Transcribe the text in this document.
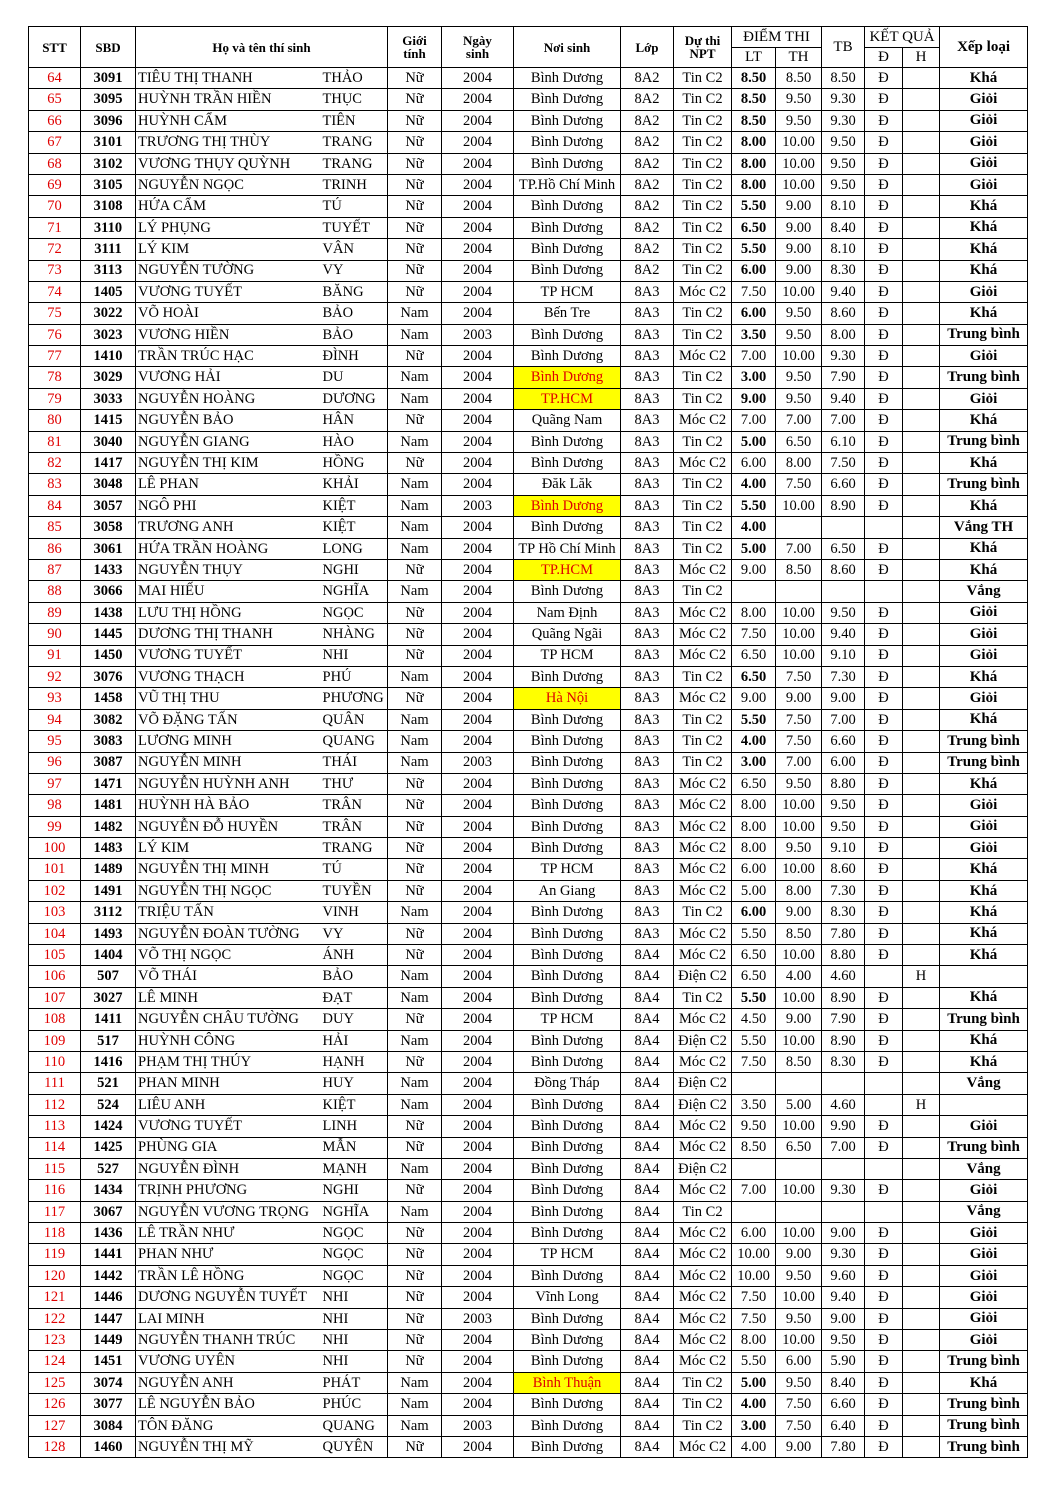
STT	SBD	Họ và tên thí sinh		Giới
tính	Ngày
sinh	Nơi sinh	Lớp	Dự thi
NPT	ĐIỂM THI		TB	KẾT QUẢ		Xếp loại
									LT	TH		Đ	H	
64	3091	TIÊU THỊ THANH	THẢO	Nữ	2004	Bình Dương	8A2	Tin C2	8.50	8.50	8.50	Đ		Khá
65	3095	HUỲNH TRẦN HIỀN	THỤC	Nữ	2004	Bình Dương	8A2	Tin C2	8.50	9.50	9.30	Đ		Giỏi
66	3096	HUỲNH CẨM	TIÊN	Nữ	2004	Bình Dương	8A2	Tin C2	8.50	9.50	9.30	Đ		Giỏi
67	3101	TRƯƠNG THỊ THÙY	TRANG	Nữ	2004	Bình Dương	8A2	Tin C2	8.00	10.00	9.50	Đ		Giỏi
68	3102	VƯƠNG THỤY QUỲNH	TRANG	Nữ	2004	Bình Dương	8A2	Tin C2	8.00	10.00	9.50	Đ		Giỏi
69	3105	NGUYỄN NGỌC	TRINH	Nữ	2004	TP.Hồ Chí Minh	8A2	Tin C2	8.00	10.00	9.50	Đ		Giỏi
70	3108	HỨA CẨM	TÚ	Nữ	2004	Bình Dương	8A2	Tin C2	5.50	9.00	8.10	Đ		Khá
71	3110	LÝ PHỤNG	TUYẾT	Nữ	2004	Bình Dương	8A2	Tin C2	6.50	9.00	8.40	Đ		Khá
72	3111	LÝ KIM	VÂN	Nữ	2004	Bình Dương	8A2	Tin C2	5.50	9.00	8.10	Đ		Khá
73	3113	NGUYỄN TƯỜNG	VY	Nữ	2004	Bình Dương	8A2	Tin C2	6.00	9.00	8.30	Đ		Khá
74	1405	VƯƠNG TUYẾT	BĂNG	Nữ	2004	TP HCM	8A3	Móc C2	7.50	10.00	9.40	Đ		Giỏi
75	3022	VÕ HOÀI	BẢO	Nam	2004	Bến Tre	8A3	Tin C2	6.00	9.50	8.60	Đ		Khá
76	3023	VƯƠNG HIỀN	BẢO	Nam	2003	Bình Dương	8A3	Tin C2	3.50	9.50	8.00	Đ		Trung bình
77	1410	TRẦN TRÚC HẠC	ĐÌNH	Nữ	2004	Bình Dương	8A3	Móc C2	7.00	10.00	9.30	Đ		Giỏi
78	3029	VƯƠNG HẢI	DU	Nam	2004	Bình Dương	8A3	Tin C2	3.00	9.50	7.90	Đ		Trung bình
79	3033	NGUYỄN HOÀNG	DƯƠNG	Nam	2004	TP.HCM	8A3	Tin C2	9.00	9.50	9.40	Đ		Giỏi
80	1415	NGUYỄN BẢO	HÂN	Nữ	2004	Quãng Nam	8A3	Móc C2	7.00	7.00	7.00	Đ		Khá
81	3040	NGUYỄN GIANG	HÀO	Nam	2004	Bình Dương	8A3	Tin C2	5.00	6.50	6.10	Đ		Trung bình
82	1417	NGUYỄN THỊ KIM	HỒNG	Nữ	2004	Bình Dương	8A3	Móc C2	6.00	8.00	7.50	Đ		Khá
83	3048	LÊ PHAN	KHẢI	Nam	2004	Đăk Lăk	8A3	Tin C2	4.00	7.50	6.60	Đ		Trung bình
84	3057	NGÔ PHI	KIỆT	Nam	2003	Bình Dương	8A3	Tin C2	5.50	10.00	8.90	Đ		Khá
85	3058	TRƯƠNG ANH	KIỆT	Nam	2004	Bình Dương	8A3	Tin C2	4.00					Vắng TH
86	3061	HỨA TRẦN HOÀNG	LONG	Nam	2004	TP Hồ Chí Minh	8A3	Tin C2	5.00	7.00	6.50	Đ		Khá
87	1433	NGUYỄN THỤY	NGHI	Nữ	2004	TP.HCM	8A3	Móc C2	9.00	8.50	8.60	Đ		Khá
88	3066	MAI HIẾU	NGHĨA	Nam	2004	Bình Dương	8A3	Tin C2						Vắng
89	1438	LƯU THỊ HỒNG	NGỌC	Nữ	2004	Nam Định	8A3	Móc C2	8.00	10.00	9.50	Đ		Giỏi
90	1445	DƯƠNG THỊ THANH	NHÀNG	Nữ	2004	Quãng Ngãi	8A3	Móc C2	7.50	10.00	9.40	Đ		Giỏi
91	1450	VƯƠNG TUYẾT	NHI	Nữ	2004	TP HCM	8A3	Móc C2	6.50	10.00	9.10	Đ		Giỏi
92	3076	VƯƠNG THẠCH	PHÚ	Nam	2004	Bình Dương	8A3	Tin C2	6.50	7.50	7.30	Đ		Khá
93	1458	VŨ THỊ THU	PHƯƠNG	Nữ	2004	Hà Nội	8A3	Móc C2	9.00	9.00	9.00	Đ		Giỏi
94	3082	VÕ ĐẶNG TẤN	QUÂN	Nam	2004	Bình Dương	8A3	Tin C2	5.50	7.50	7.00	Đ		Khá
95	3083	LƯƠNG MINH	QUANG	Nam	2004	Bình Dương	8A3	Tin C2	4.00	7.50	6.60	Đ		Trung bình
96	3087	NGUYỄN MINH	THÁI	Nam	2003	Bình Dương	8A3	Tin C2	3.00	7.00	6.00	Đ		Trung bình
97	1471	NGUYỄN HUỲNH ANH	THƯ	Nữ	2004	Bình Dương	8A3	Móc C2	6.50	9.50	8.80	Đ		Khá
98	1481	HUỲNH HÀ BẢO	TRÂN	Nữ	2004	Bình Dương	8A3	Móc C2	8.00	10.00	9.50	Đ		Giỏi
99	1482	NGUYỄN ĐỖ HUYỀN	TRÂN	Nữ	2004	Bình Dương	8A3	Móc C2	8.00	10.00	9.50	Đ		Giỏi
100	1483	LÝ KIM	TRANG	Nữ	2004	Bình Dương	8A3	Móc C2	8.00	9.50	9.10	Đ		Giỏi
101	1489	NGUYỄN THỊ MINH	TÚ	Nữ	2004	TP HCM	8A3	Móc C2	6.00	10.00	8.60	Đ		Khá
102	1491	NGUYỄN THỊ NGỌC	TUYỀN	Nữ	2004	An Giang	8A3	Móc C2	5.00	8.00	7.30	Đ		Khá
103	3112	TRIỆU TẤN	VINH	Nam	2004	Bình Dương	8A3	Tin C2	6.00	9.00	8.30	Đ		Khá
104	1493	NGUYỄN ĐOÀN TƯỜNG	VY	Nữ	2004	Bình Dương	8A3	Móc C2	5.50	8.50	7.80	Đ		Khá
105	1404	VÕ THỊ NGỌC	ÁNH	Nữ	2004	Bình Dương	8A4	Móc C2	6.50	10.00	8.80	Đ		Khá
106	507	VÕ THÁI	BẢO	Nam	2004	Bình Dương	8A4	Điện C2	6.50	4.00	4.60		H	
107	3027	LÊ MINH	ĐẠT	Nam	2004	Bình Dương	8A4	Tin C2	5.50	10.00	8.90	Đ		Khá
108	1411	NGUYỄN CHÂU TƯỜNG	DUY	Nữ	2004	TP HCM	8A4	Móc C2	4.50	9.00	7.90	Đ		Trung bình
109	517	HUỲNH CÔNG	HẢI	Nam	2004	Bình Dương	8A4	Điện C2	5.50	10.00	8.90	Đ		Khá
110	1416	PHẠM THỊ THÚY	HẠNH	Nữ	2004	Bình Dương	8A4	Móc C2	7.50	8.50	8.30	Đ		Khá
111	521	PHAN MINH	HUY	Nam	2004	Đồng Tháp	8A4	Điện C2						Vắng
112	524	LIÊU ANH	KIỆT	Nam	2004	Bình Dương	8A4	Điện C2	3.50	5.00	4.60		H	
113	1424	VƯƠNG TUYẾT	LINH	Nữ	2004	Bình Dương	8A4	Móc C2	9.50	10.00	9.90	Đ		Giỏi
114	1425	PHÙNG GIA	MẪN	Nữ	2004	Bình Dương	8A4	Móc C2	8.50	6.50	7.00	Đ		Trung bình
115	527	NGUYỄN ĐÌNH	MẠNH	Nam	2004	Bình Dương	8A4	Điện C2						Vắng
116	1434	TRỊNH PHƯƠNG	NGHI	Nữ	2004	Bình Dương	8A4	Móc C2	7.00	10.00	9.30	Đ		Giỏi
117	3067	NGUYỄN VƯƠNG TRỌNG	NGHĨA	Nam	2004	Bình Dương	8A4	Tin C2						Vắng
118	1436	LÊ TRẦN NHƯ	NGỌC	Nữ	2004	Bình Dương	8A4	Móc C2	6.00	10.00	9.00	Đ		Giỏi
119	1441	PHAN NHƯ	NGỌC	Nữ	2004	TP HCM	8A4	Móc C2	10.00	9.00	9.30	Đ		Giỏi
120	1442	TRẦN LÊ HỒNG	NGỌC	Nữ	2004	Bình Dương	8A4	Móc C2	10.00	9.50	9.60	Đ		Giỏi
121	1446	DƯƠNG NGUYỄN TUYẾT	NHI	Nữ	2004	Vĩnh Long	8A4	Móc C2	7.50	10.00	9.40	Đ		Giỏi
122	1447	LAI MINH	NHI	Nữ	2003	Bình Dương	8A4	Móc C2	7.50	9.50	9.00	Đ		Giỏi
123	1449	NGUYỄN THANH TRÚC	NHI	Nữ	2004	Bình Dương	8A4	Móc C2	8.00	10.00	9.50	Đ		Giỏi
124	1451	VƯƠNG UYÊN	NHI	Nữ	2004	Bình Dương	8A4	Móc C2	5.50	6.00	5.90	Đ		Trung bình
125	3074	NGUYỄN ANH	PHÁT	Nam	2004	Bình Thuận	8A4	Tin C2	5.00	9.50	8.40	Đ		Khá
126	3077	LÊ NGUYỄN BẢO	PHÚC	Nam	2004	Bình Dương	8A4	Tin C2	4.00	7.50	6.60	Đ		Trung bình
127	3084	TÔN ĐĂNG	QUANG	Nam	2003	Bình Dương	8A4	Tin C2	3.00	7.50	6.40	Đ		Trung bình
128	1460	NGUYỄN THỊ MỸ	QUYÊN	Nữ	2004	Bình Dương	8A4	Móc C2	4.00	9.00	7.80	Đ		Trung bình
